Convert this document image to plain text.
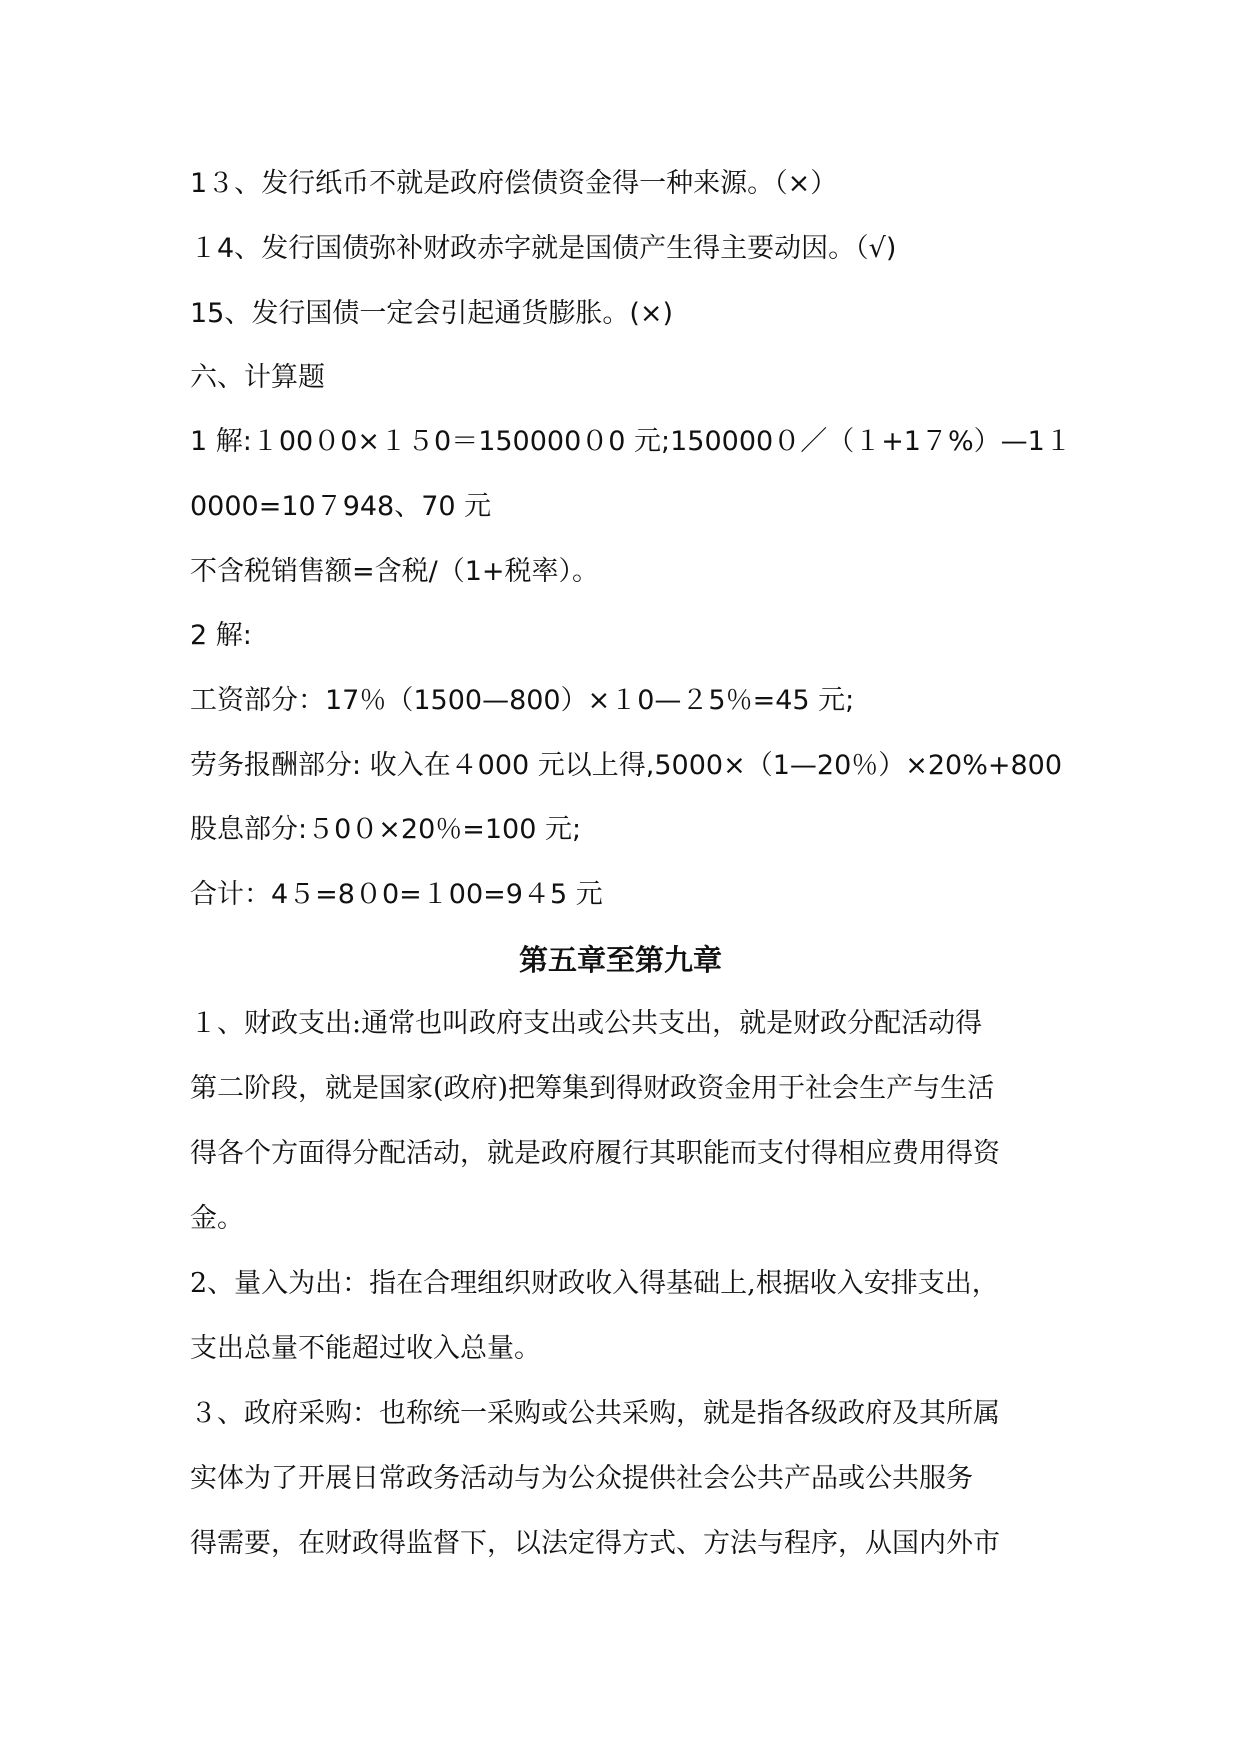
1３、发行纸币不就是政府偿债资金得一种来源。（×）
１4、发行国债弥补财政赤字就是国债产生得主要动因。（√)
15、发行国债一定会引起通货膨胀。(×)
六、计算题
1 解:１00０0×１５0＝150000０0 元;150000０／（１+1７%）—1１
0000=10７948、70 元
不含税销售额=含税/（1+税率）。
2 解:
工资部分：17％（1500—800）×１0—２5％=45 元;
劳务报酬部分: 收入在４000 元以上得,5000×（1—20％）×20%+800
股息部分:５0０×20％=100 元;
合计：4５=8０0=１00=9４5 元
第五章至第九章
１、财政支出:通常也叫政府支出或公共支出，就是财政分配活动得
第二阶段，就是国家(政府)把筹集到得财政资金用于社会生产与生活
得各个方面得分配活动，就是政府履行其职能而支付得相应费用得资
金。
2、量入为出：指在合理组织财政收入得基础上,根据收入安排支出，
支出总量不能超过收入总量。
３、政府采购：也称统一采购或公共采购，就是指各级政府及其所属
实体为了开展日常政务活动与为公众提供社会公共产品或公共服务
得需要，在财政得监督下，以法定得方式、方法与程序，从国内外市
